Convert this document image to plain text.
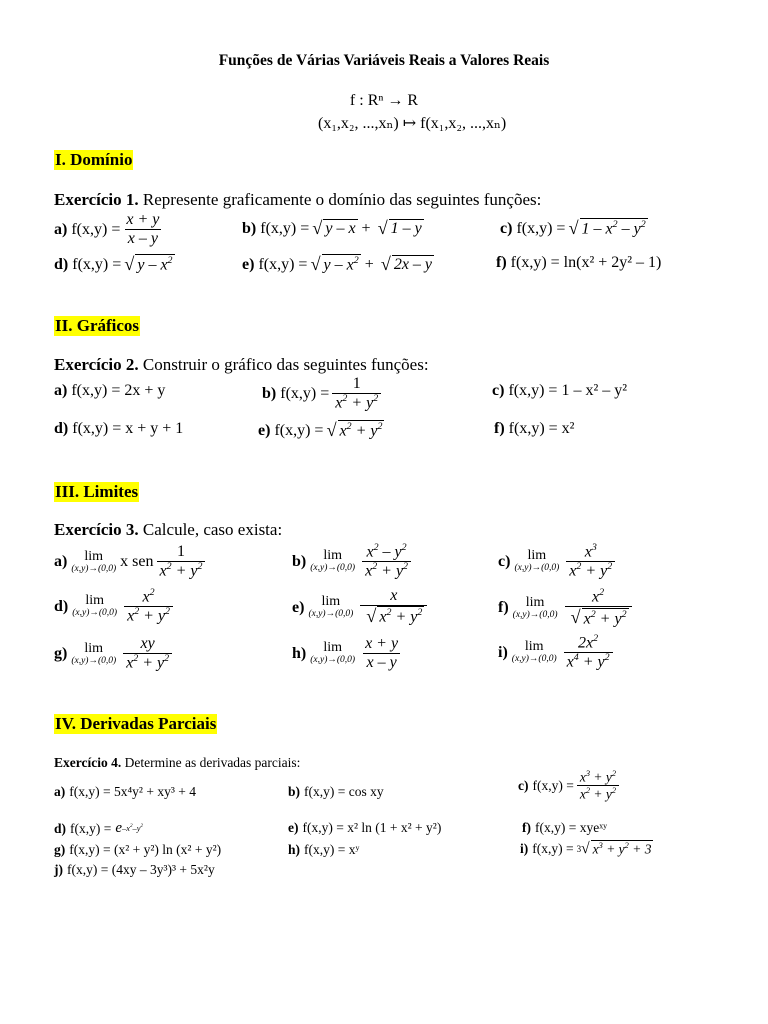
Funções de Várias Variáveis Reais a Valores Reais
f : Rⁿ → R
(x₁,x₂, ...,xₙ) ↦ f(x₁,x₂, ...,xₙ)
I. Domínio
Exercício 1. Represente graficamente o domínio das seguintes funções:
a) $f(x,y) = \frac{x + y}{x - y}$	b) f(x,y) = √ y – x + √ 1 – y	c) f(x,y) = √ $1 - x^2 - y^2$
d) f(x,y) = √ y – $x^2$	e) f(x,y) = √ y – $x^2$ + √ 2x – y	f) f(x,y) = ln(x² + 2y² – 1)
II. Gráficos
Exercício 2. Construir o gráfico das seguintes funções:
a) f(x,y) = 2x + y	b) $f(x,y) = \frac{1}{x^2 + y^2}$	c) f(x,y) = 1 – x² – y²
d) f(x,y) = x + y + 1	e) f(x,y) = √ $x^2 + y^2$	f) f(x,y) = x²
III. Limites
Exercício 3. Calcule, caso exista:
a) lim
(x,y)→(0,0) x sen $\frac{1}{x^2 + y^2}$	b) lim
$(x,y)\to(0,0) \frac{x^2 - y^2}{x^2 + y^2}$	c) lim
$(x,y)\to(0,0) \frac{x^3}{x^2 + y^2}$
d) lim
$(x,y)\to(0,0) \frac{x^2}{x^2 + y^2}$	e) lim
$(x,y)\to(0,0) \frac{x}{√ x^2 + y^2}$	f) lim
$(x,y)\to(0,0) \frac{x^2}{√ x^2 + y^2}$
g) lim
$(x,y)\to(0,0) \frac{xy}{x^2 + y^2}$	h) lim
$(x,y)\to(0,0) \frac{x + y}{x - y}$	i) lim
$(x,y)\to(0,0) \frac{2x^2}{x^4 + y^2}$
IV. Derivadas Parciais
Exercício 4. Determine as derivadas parciais:
a) f(x,y) = 5x⁴y² + xy³ + 4	b) f(x,y) = cos xy	c) $f(x,y) = \frac{x^3 + y^2}{x^2 + y^2}$
d) f(x,y) = e $-x^2-y^2$	e) f(x,y) = x² ln (1 + x² + y²)	f) f(x,y) = xyeˣʸ
g) f(x,y) = (x² + y²) ln (x² + y²)	h) f(x,y) = xʸ	i) f(x,y) = 3 √ $x^3 + y^2 + 3$
j) f(x,y) = (4xy – 3y³)³ + 5x²y
